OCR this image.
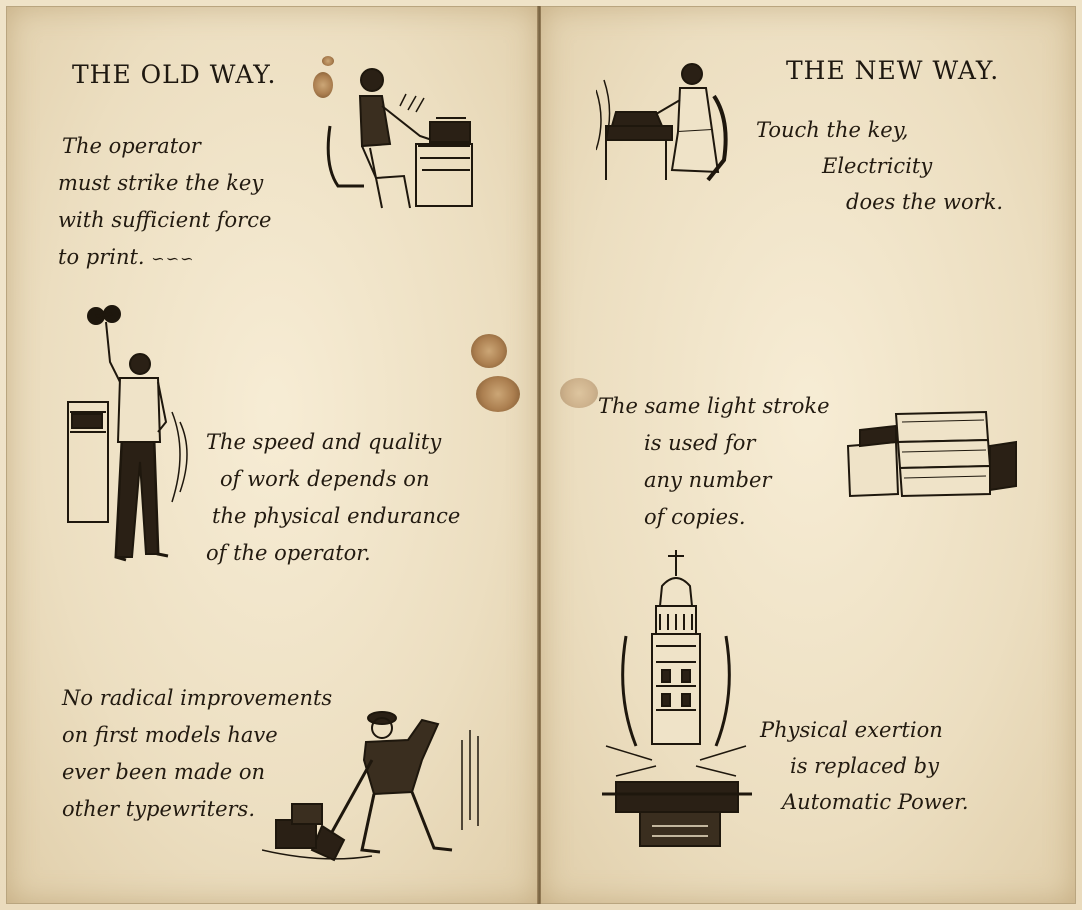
THE OLD WAY.
The operator
must strike the key
with sufficient force
to print. ∽∽∽
The speed and quality
of work depends on
the physical endurance
of the operator.
No radical improvements
on first models have
ever been made on
other typewriters.
THE NEW WAY.
Touch the key,
Electricity
does the work.
The same light stroke
is used for
any number
of copies.
Physical exertion
is replaced by
Automatic Power.
